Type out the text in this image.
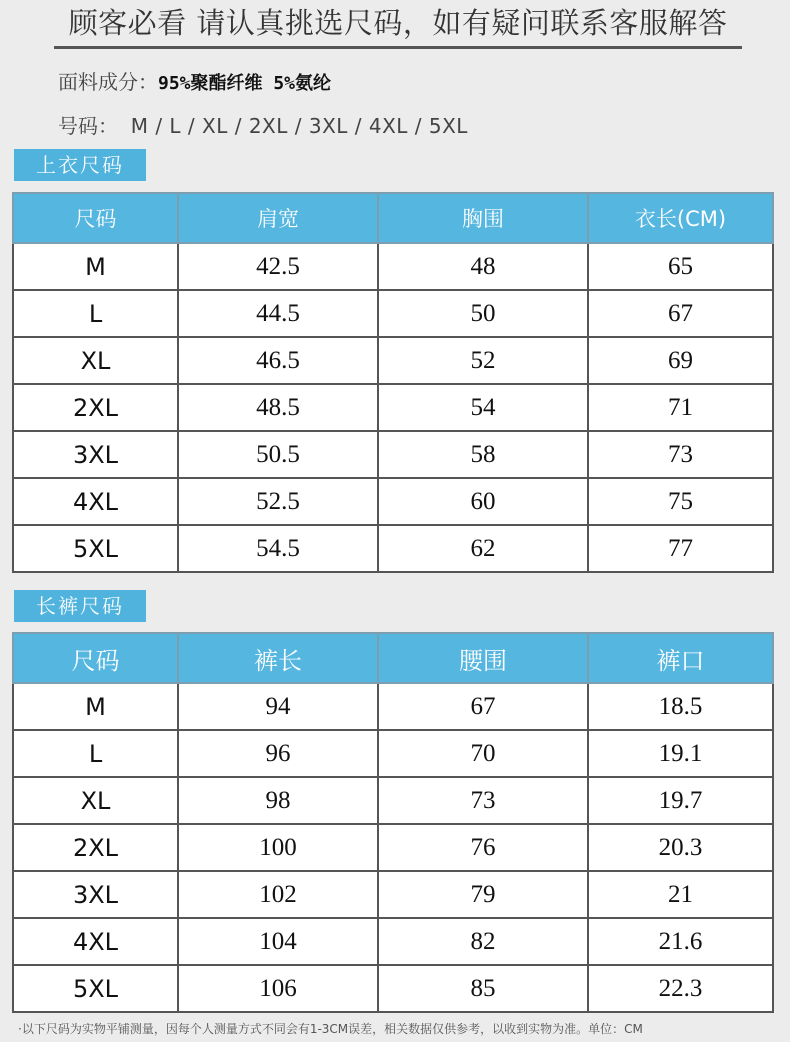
顾客必看 请认真挑选尺码，如有疑问联系客服解答
面料成分：95%聚酯纤维 5%氨纶
号码： M / L / XL / 2XL / 3XL / 4XL / 5XL
上衣尺码
尺码	肩宽	胸围	衣长(CM)
M	42.5	48	65
L	44.5	50	67
XL	46.5	52	69
2XL	48.5	54	71
3XL	50.5	58	73
4XL	52.5	60	75
5XL	54.5	62	77
长裤尺码
尺码	裤长	腰围	裤口
M	94	67	18.5
L	96	70	19.1
XL	98	73	19.7
2XL	100	76	20.3
3XL	102	79	21
4XL	104	82	21.6
5XL	106	85	22.3
·以下尺码为实物平铺测量，因每个人测量方式不同会有1-3CM误差，相关数据仅供参考，以收到实物为准。单位：CM
